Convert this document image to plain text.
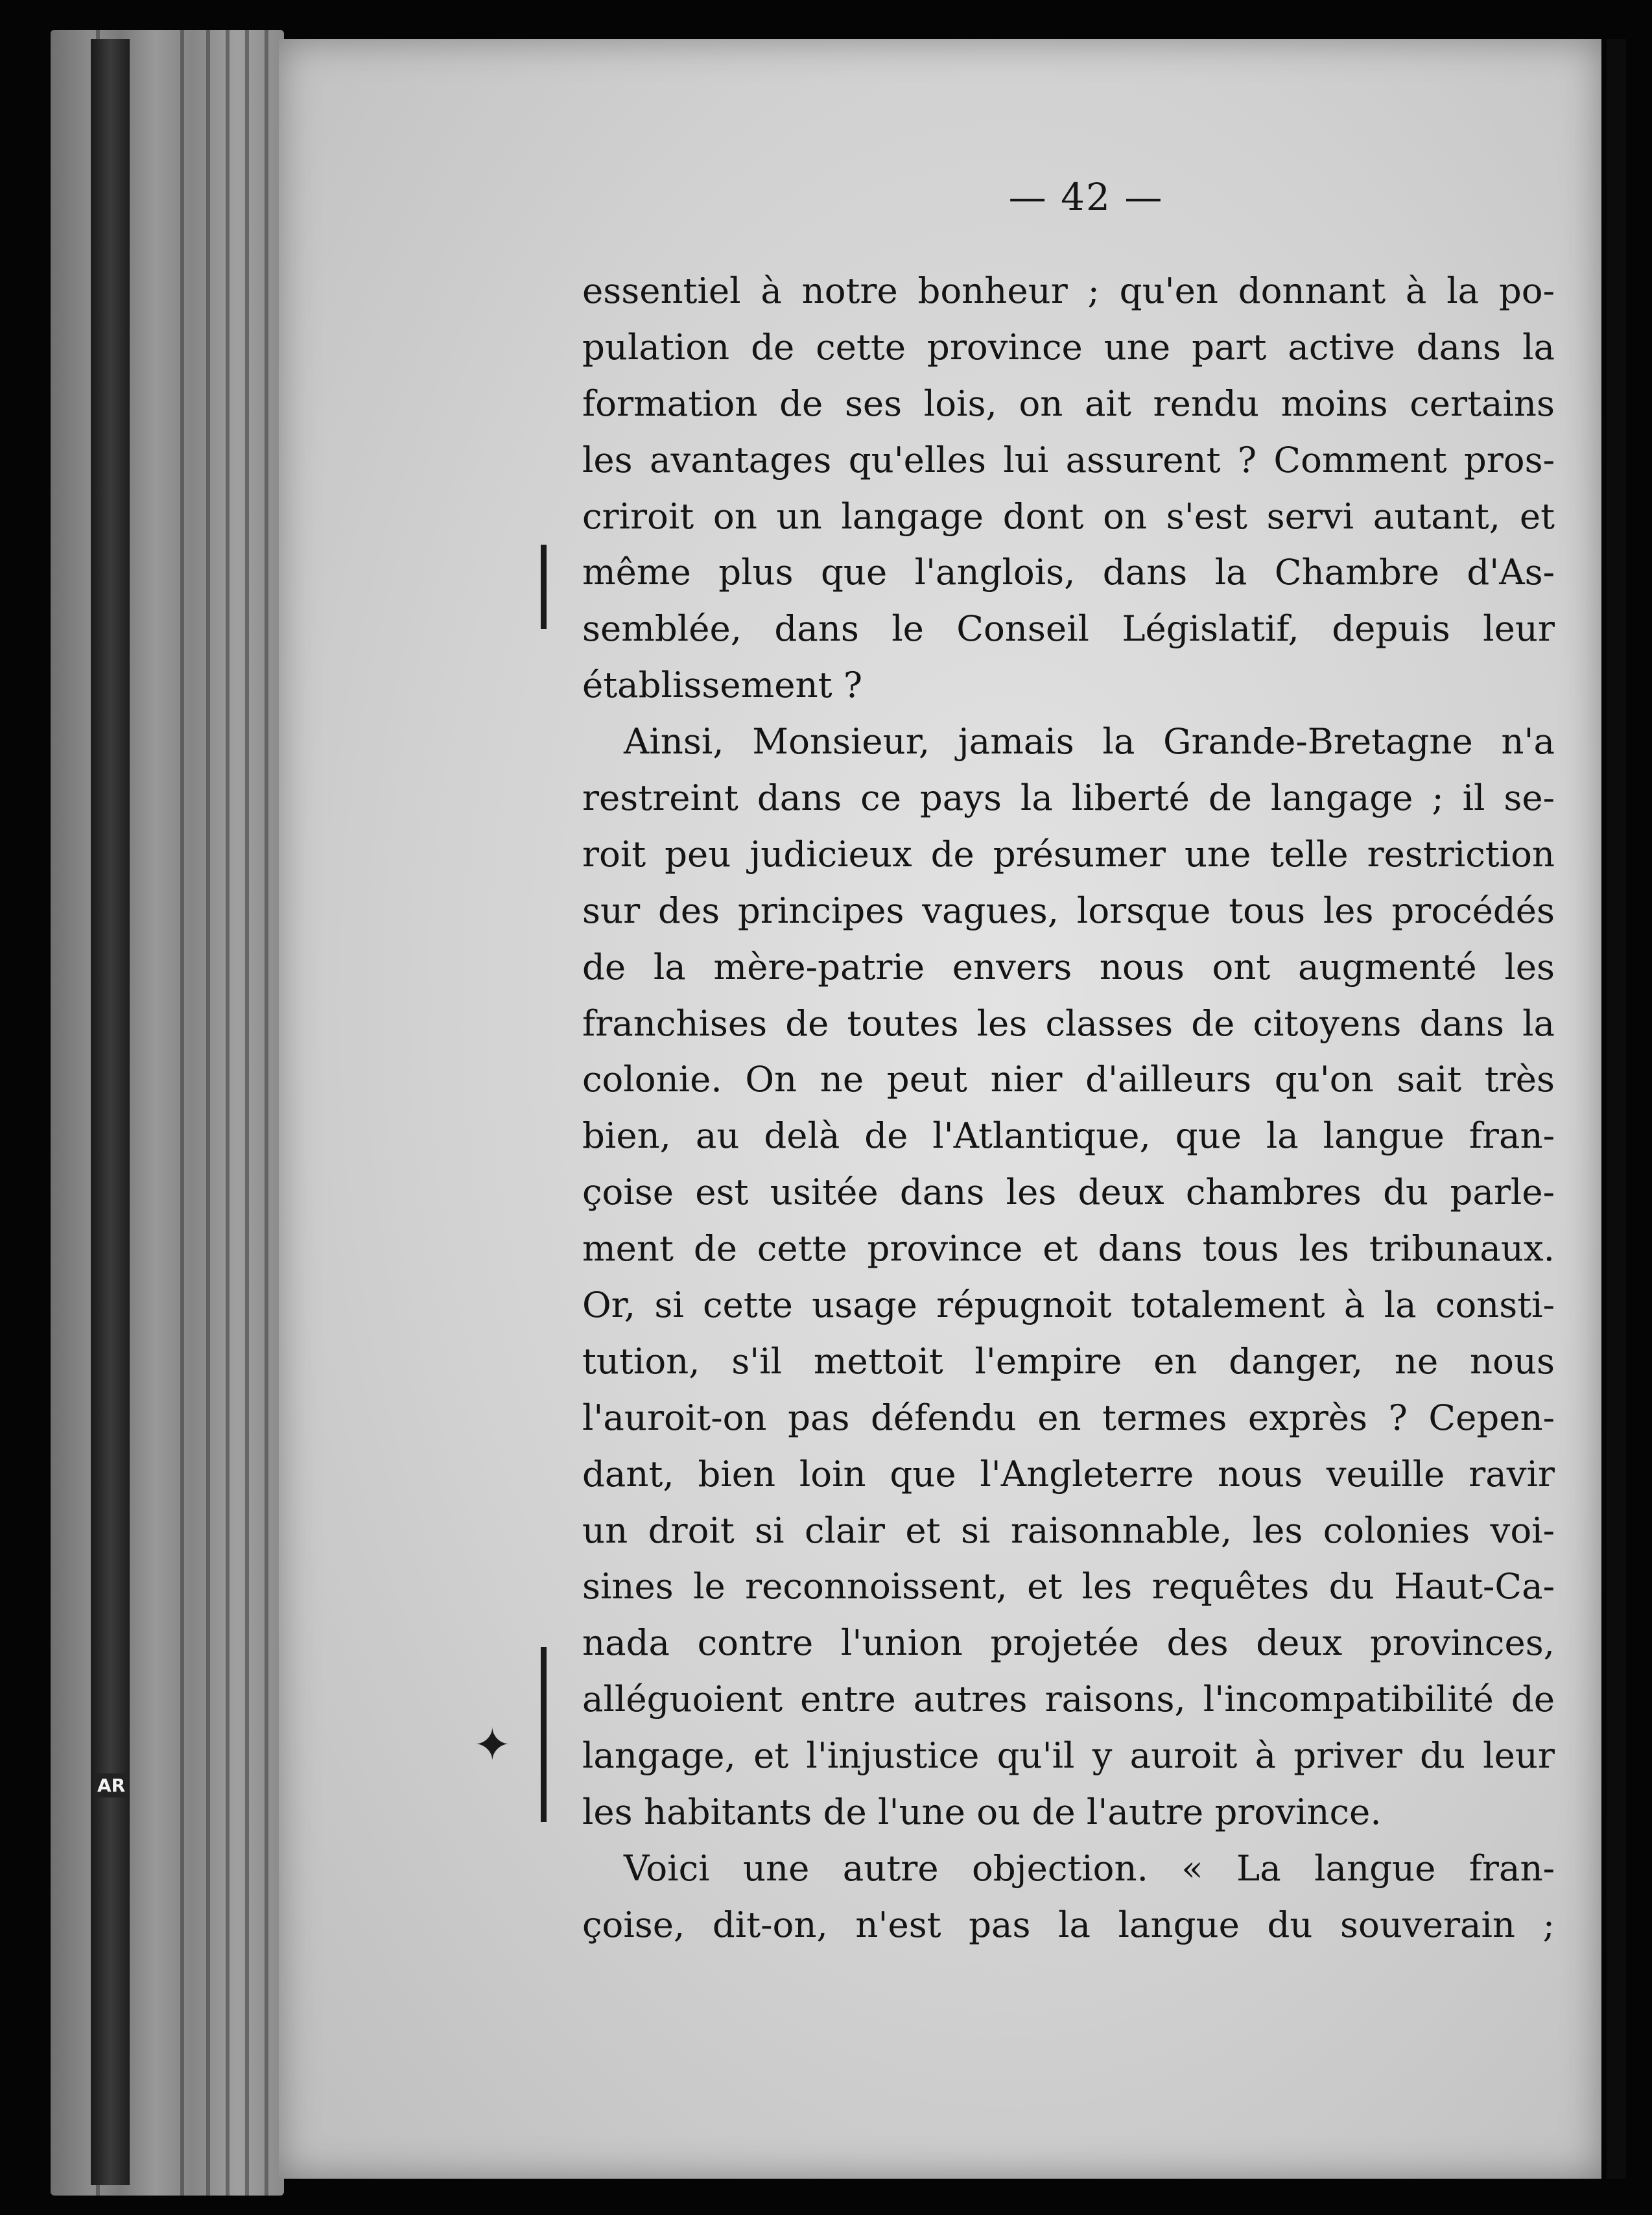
AR
— 42 —
essentiel à notre bonheur ; qu'en donnant à la po-
pulation de cette province une part active dans la
formation de ses lois, on ait rendu moins certains
les avantages qu'elles lui assurent ? Comment pros-
criroit on un langage dont on s'est servi autant, et
même plus que l'anglois, dans la Chambre d'As-
semblée, dans le Conseil Législatif, depuis leur
établissement ?
Ainsi, Monsieur, jamais la Grande-Bretagne n'a
restreint dans ce pays la liberté de langage ; il se-
roit peu judicieux de présumer une telle restriction
sur des principes vagues, lorsque tous les procédés
de la mère-patrie envers nous ont augmenté les
franchises de toutes les classes de citoyens dans la
colonie. On ne peut nier d'ailleurs qu'on sait très
bien, au delà de l'Atlantique, que la langue fran-
çoise est usitée dans les deux chambres du parle-
ment de cette province et dans tous les tribunaux.
Or, si cette usage répugnoit totalement à la consti-
tution, s'il mettoit l'empire en danger, ne nous
l'auroit-on pas défendu en termes exprès ? Cepen-
dant, bien loin que l'Angleterre nous veuille ravir
un droit si clair et si raisonnable, les colonies voi-
sines le reconnoissent, et les requêtes du Haut-Ca-
nada contre l'union projetée des deux provinces,
alléguoient entre autres raisons, l'incompatibilité de
langage, et l'injustice qu'il y auroit à priver du leur
les habitants de l'une ou de l'autre province.
Voici une autre objection. « La langue fran-
çoise, dit-on, n'est pas la langue du souverain ;
✦
